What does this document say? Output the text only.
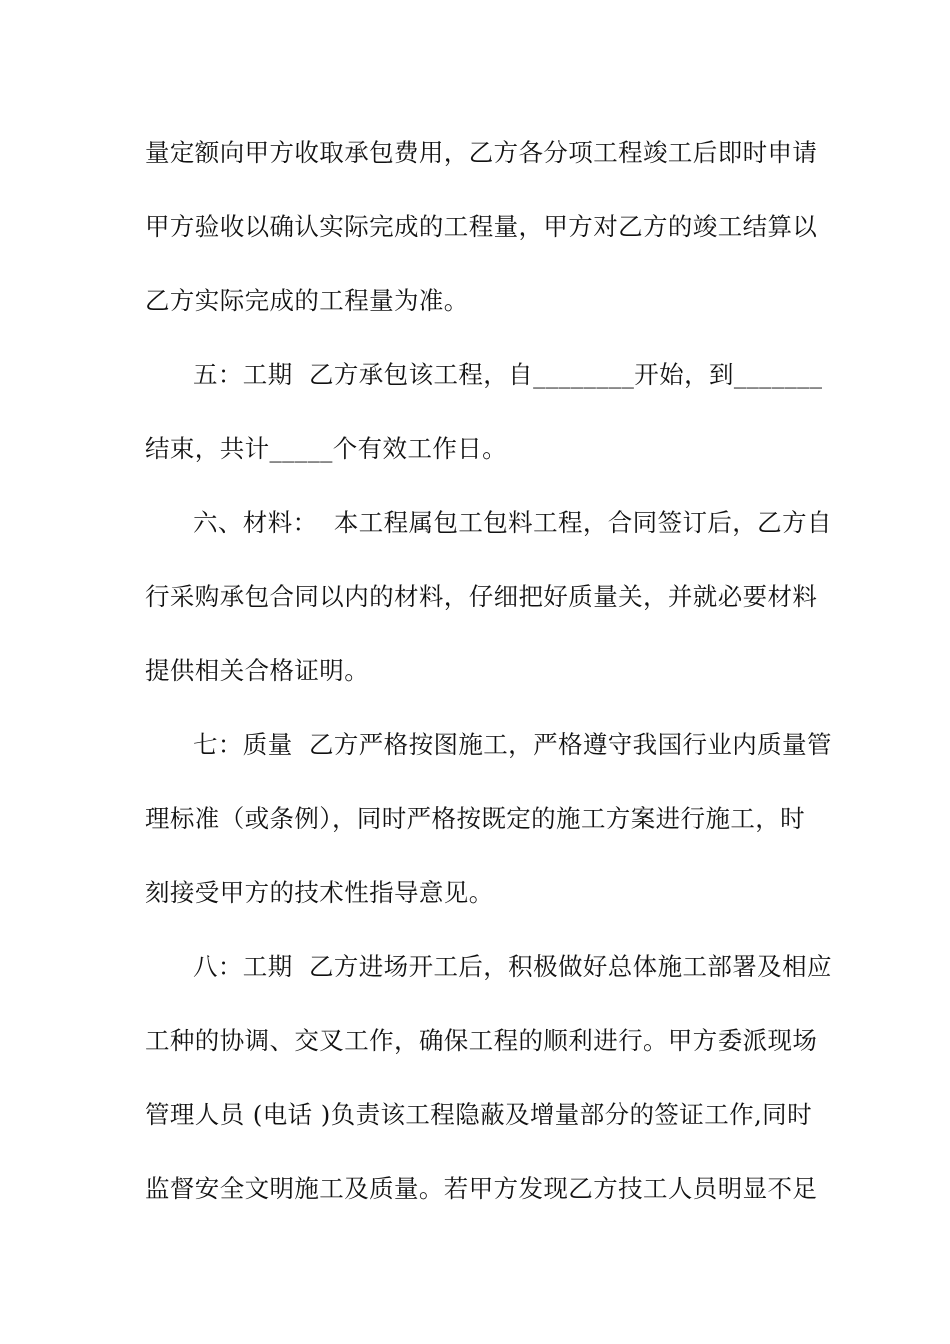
量定额向甲方收取承包费用，乙方各分项工程竣工后即时申请
甲方验收以确认实际完成的工程量，甲方对乙方的竣工结算以
乙方实际完成的工程量为准。
五：工期  乙方承包该工程，自________开始，到_______
结束，共计_____个有效工作日。
六、材料：  本工程属包工包料工程，合同签订后，乙方自
行采购承包合同以内的材料，仔细把好质量关，并就必要材料
提供相关合格证明。
七：质量  乙方严格按图施工，严格遵守我国行业内质量管
理标准（或条例），同时严格按既定的施工方案进行施工，时
刻接受甲方的技术性指导意见。
八：工期  乙方进场开工后，积极做好总体施工部署及相应
工种的协调、交叉工作，确保工程的顺利进行。甲方委派现场
管理人员 (电话 )负责该工程隐蔽及增量部分的签证工作,同时
监督安全文明施工及质量。若甲方发现乙方技工人员明显不足
